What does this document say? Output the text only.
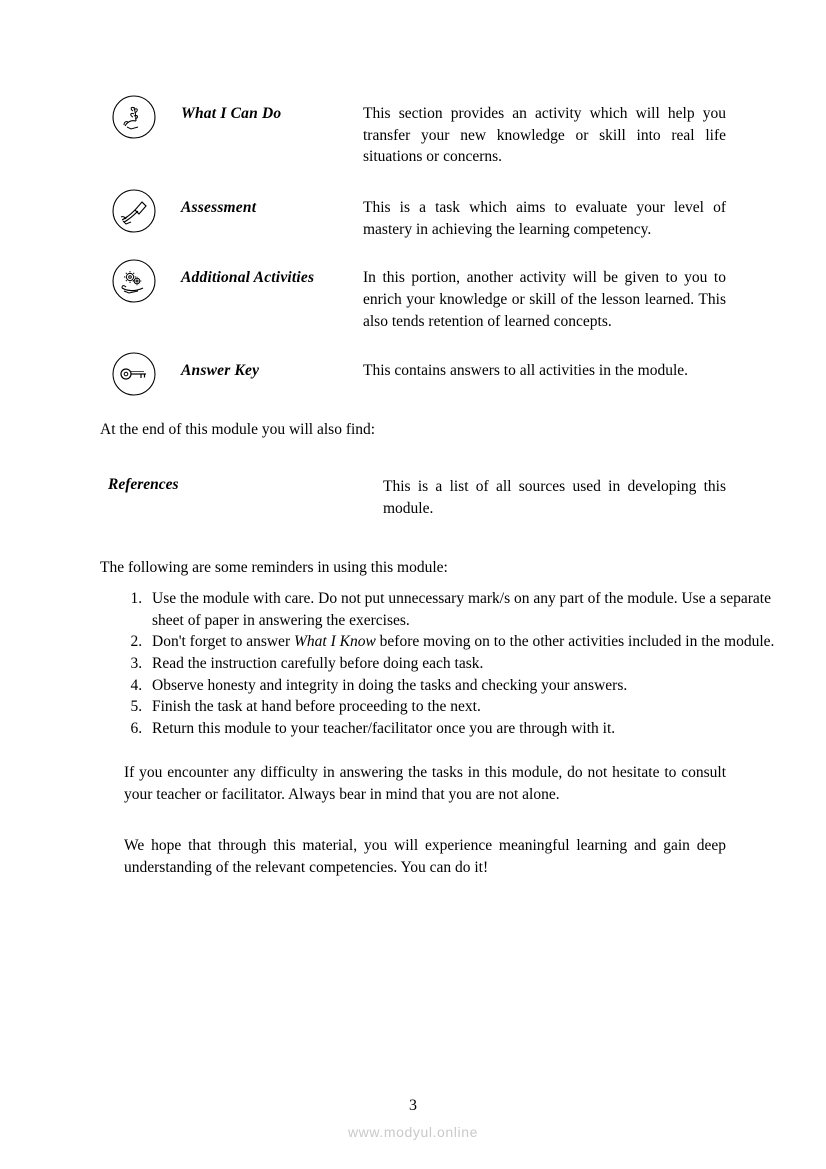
What I Can Do	This section provides an activity which will help you transfer your new knowledge or skill into real life situations or concerns.
Assessment	This is a task which aims to evaluate your level of mastery in achieving the learning competency.
Additional Activities	In this portion, another activity will be given to you to enrich your knowledge or skill of the lesson learned. This also tends retention of learned concepts.
Answer Key	This contains answers to all activities in the module.
At the end of this module you will also find:
References	This is a list of all sources used in developing this module.
The following are some reminders in using this module:
1. Use the module with care. Do not put unnecessary mark/s on any part of the module. Use a separate sheet of paper in answering the exercises.
2. Don't forget to answer What I Know before moving on to the other activities included in the module.
3. Read the instruction carefully before doing each task.
4. Observe honesty and integrity in doing the tasks and checking your answers.
5. Finish the task at hand before proceeding to the next.
6. Return this module to your teacher/facilitator once you are through with it.
If you encounter any difficulty in answering the tasks in this module, do not hesitate to consult your teacher or facilitator. Always bear in mind that you are not alone.
We hope that through this material, you will experience meaningful learning and gain deep understanding of the relevant competencies. You can do it!
3
www.modyul.online
